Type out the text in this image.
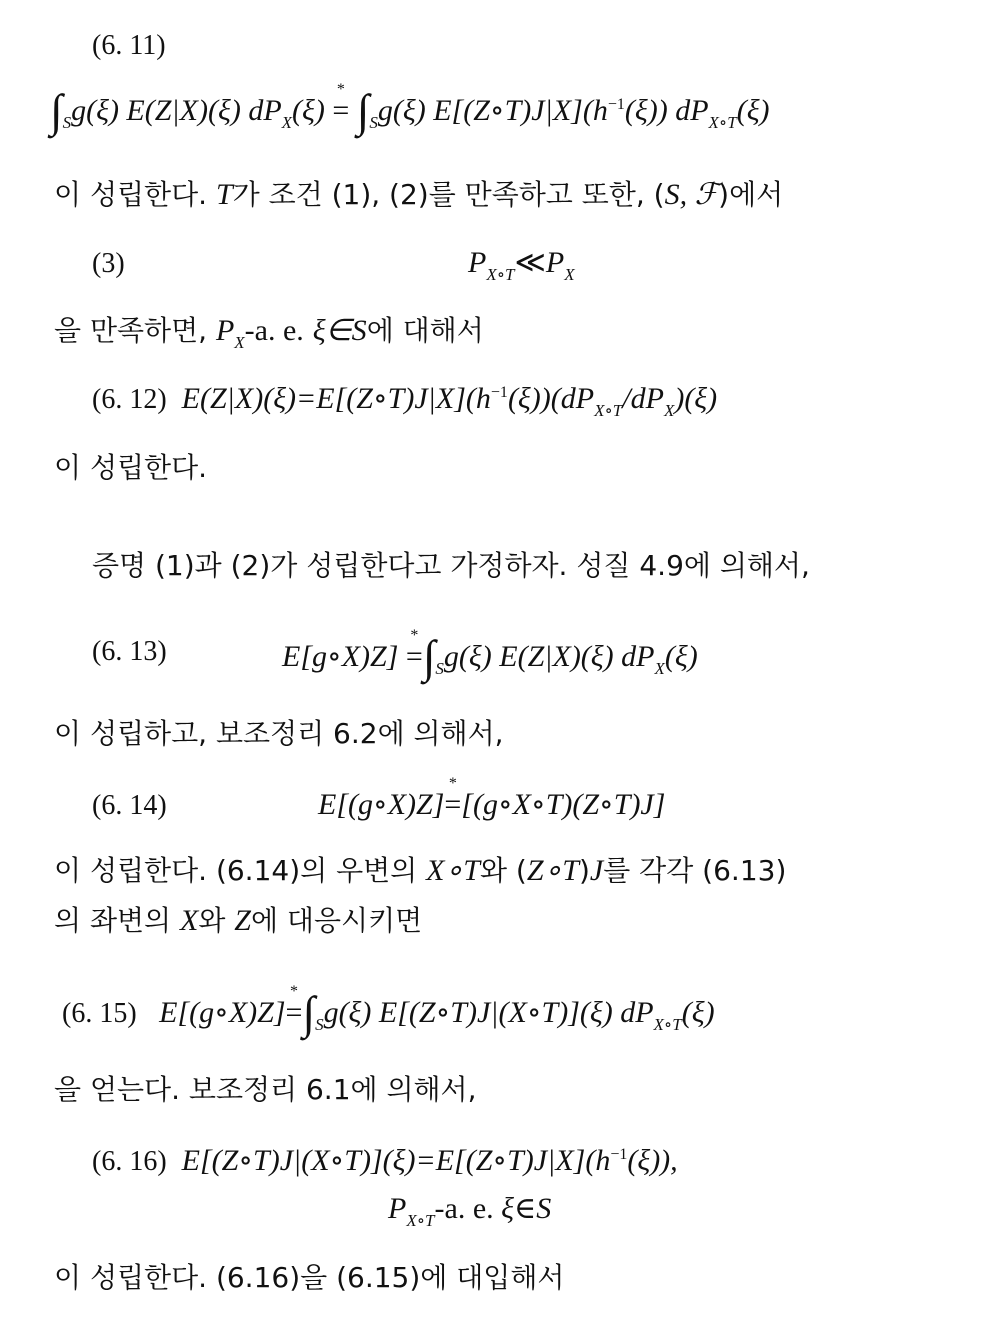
(6. 11)
$\int_Sg(\xi)$ E(Z|X)(ξ) $dP_X(\xi)$
*
= $\int_Sg(\xi)$ $E[(Z\circ T)J|X](h^{-1}(\xi))$ $dP_{X\circ T}(\xi)$
이 성립한다. T가 조건 (1), (2)를 만족하고 또한, (S, ℱ)에서
(3)	$P_{X\circ T}≪P_X$
을 만족하면, $P_X-a$. e. ξ∈S에 대해서
(6. 12) $E(Z|X)(\xi)=E[(Z\circ T)J|X](h^{-1}(\xi))(dP_{X\circ T}/dP_X)(\xi)$
이 성립한다.
증명 (1)과 (2)가 성립한다고 가정하자. 성질 4.9에 의해서,
(6. 13)	E[g∘X)Z]
*
$=\int_Sg(\xi)$ E(Z|X)(ξ) $dP_X(\xi)$
이 성립하고, 보조정리 6.2에 의해서,
(6. 14)	E[(g∘X)Z]
*
=[(g∘X∘T)(Z∘T)J]
이 성립한다. (6.14)의 우변의 X∘T와 (Z∘T)J를 각각 (6.13)
의 좌변의 X와 Z에 대응시키면
(6. 15) E[(g∘X)Z]
*
$=\int_Sg(\xi)$ E[(Z∘T)J|(X∘T)](ξ) $dP_{X\circ T}(\xi)$
을 얻는다. 보조정리 6.1에 의해서,
(6. 16) $E[(Z\circ T)J|(X\circ T)](\xi)=E[(Z\circ T)J|X](h^{-1}(\xi))$,
$P_{X\circ T}-a$. e. ξ∈S
이 성립한다. (6.16)을 (6.15)에 대입해서
